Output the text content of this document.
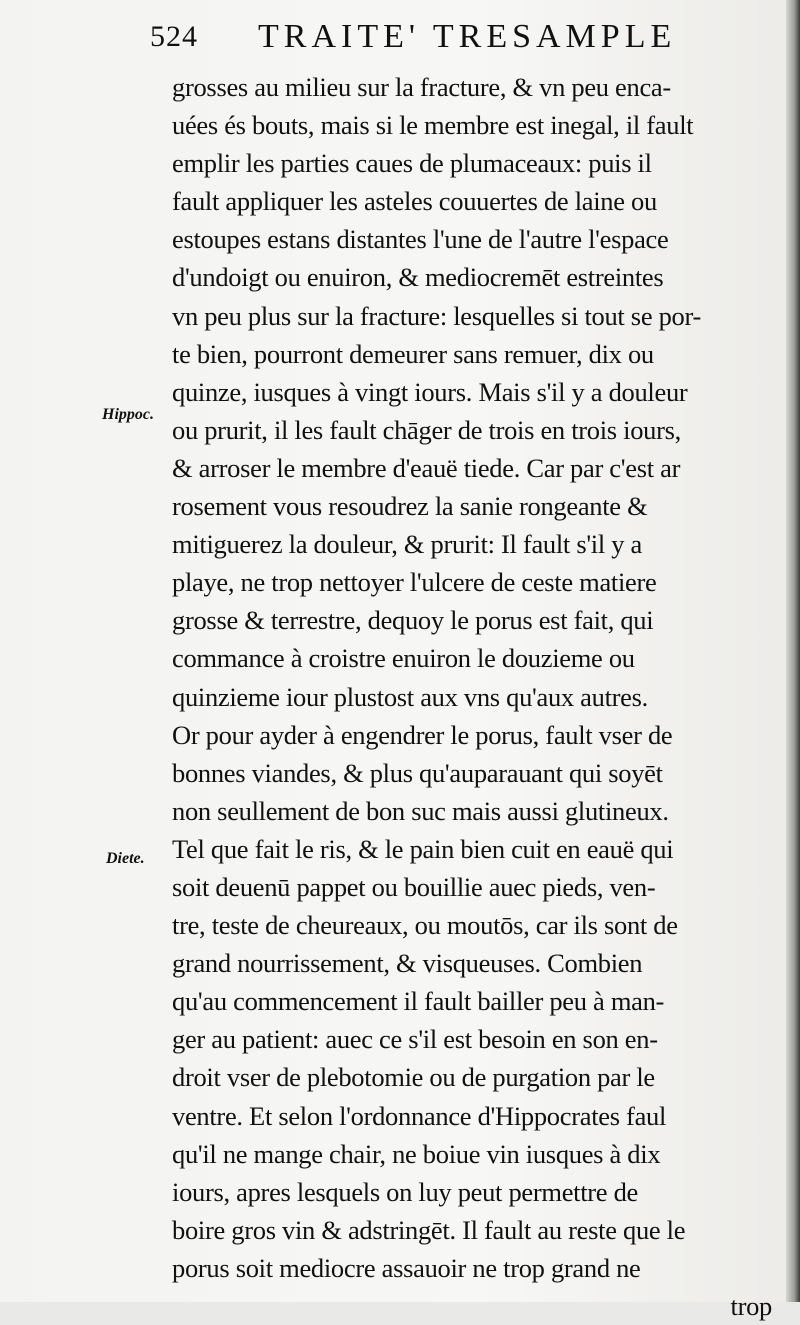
524 TRAITE' TRESAMPLE
Hippoc.
Diete.
grosses au milieu sur la fracture, & vn peu enca-
uées és bouts, mais si le membre est inegal, il fault
emplir les parties caues de plumaceaux: puis il
fault appliquer les asteles couuertes de laine ou
estoupes estans distantes l'une de l'autre l'espace
d'undoigt ou enuiron, & mediocremēt estreintes
vn peu plus sur la fracture: lesquelles si tout se por-
te bien, pourront demeurer sans remuer, dix ou
quinze, iusques à vingt iours. Mais s'il y a douleur
ou prurit, il les fault chāger de trois en trois iours,
& arroser le membre d'eauë tiede. Car par c'est ar
rosement vous resoudrez la sanie rongeante &
mitiguerez la douleur, & prurit: Il fault s'il y a
playe, ne trop nettoyer l'ulcere de ceste matiere
grosse & terrestre, dequoy le porus est fait, qui
commance à croistre enuiron le douzieme ou
quinzieme iour plustost aux vns qu'aux autres.
Or pour ayder à engendrer le porus, fault vser de
bonnes viandes, & plus qu'auparauant qui soyēt
non seullement de bon suc mais aussi glutineux.
Tel que fait le ris, & le pain bien cuit en eauë qui
soit deuenū pappet ou bouillie auec pieds, ven-
tre, teste de cheureaux, ou moutōs, car ils sont de
grand nourrissement, & visqueuses. Combien
qu'au commencement il fault bailler peu à man-
ger au patient: auec ce s'il est besoin en son en-
droit vser de plebotomie ou de purgation par le
ventre. Et selon l'ordonnance d'Hippocrates faul
qu'il ne mange chair, ne boiue vin iusques à dix
iours, apres lesquels on luy peut permettre de
boire gros vin & adstringēt. Il fault au reste que le
porus soit mediocre assauoir ne trop grand ne
trop
